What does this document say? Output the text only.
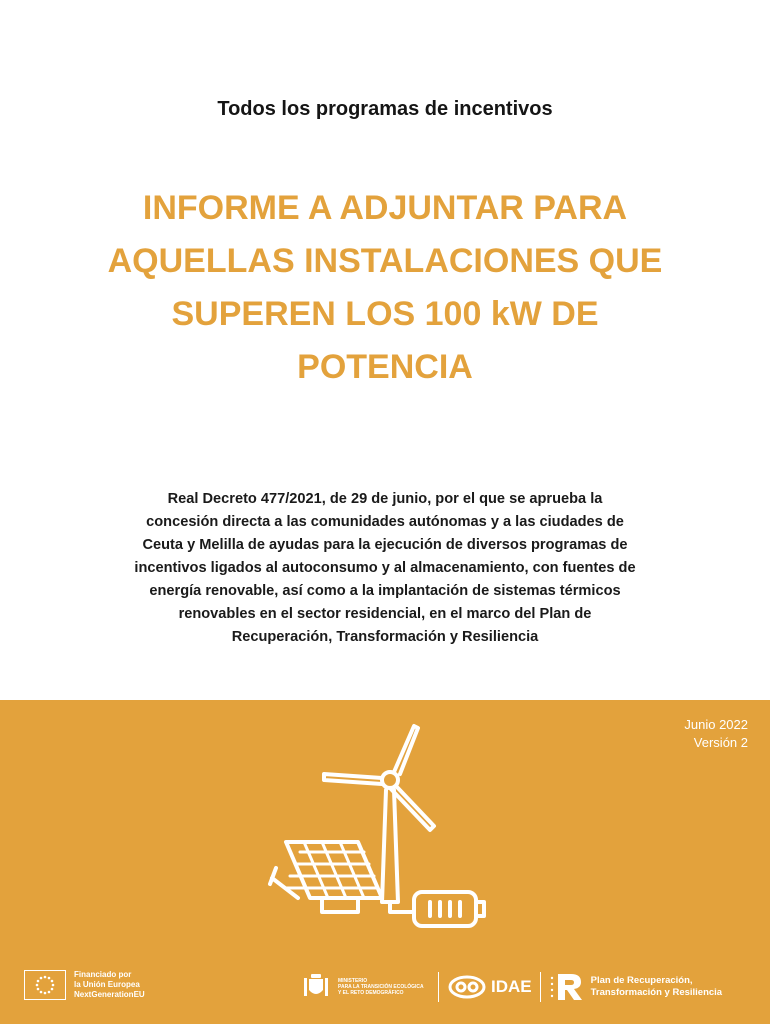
Todos los programas de incentivos
INFORME A ADJUNTAR PARA
AQUELLAS INSTALACIONES QUE
SUPEREN LOS 100 kW DE
POTENCIA
Real Decreto 477/2021, de 29 de junio, por el que se aprueba la
concesión directa a las comunidades autónomas y a las ciudades de
Ceuta y Melilla de ayudas para la ejecución de diversos programas de
incentivos ligados al autoconsumo y al almacenamiento, con fuentes de
energía renovable, así como a la implantación de sistemas térmicos
renovables en el sector residencial, en el marco del Plan de
Recuperación, Transformación y Resiliencia
Junio 2022
Versión 2
Financiado por
la Unión Europea
NextGenerationEU
MINISTERIO
PARA LA TRANSICIÓN ECOLÓGICA
Y EL RETO DEMOGRÁFICO	IDAE	Plan de Recuperación,
Transformación y Resiliencia
